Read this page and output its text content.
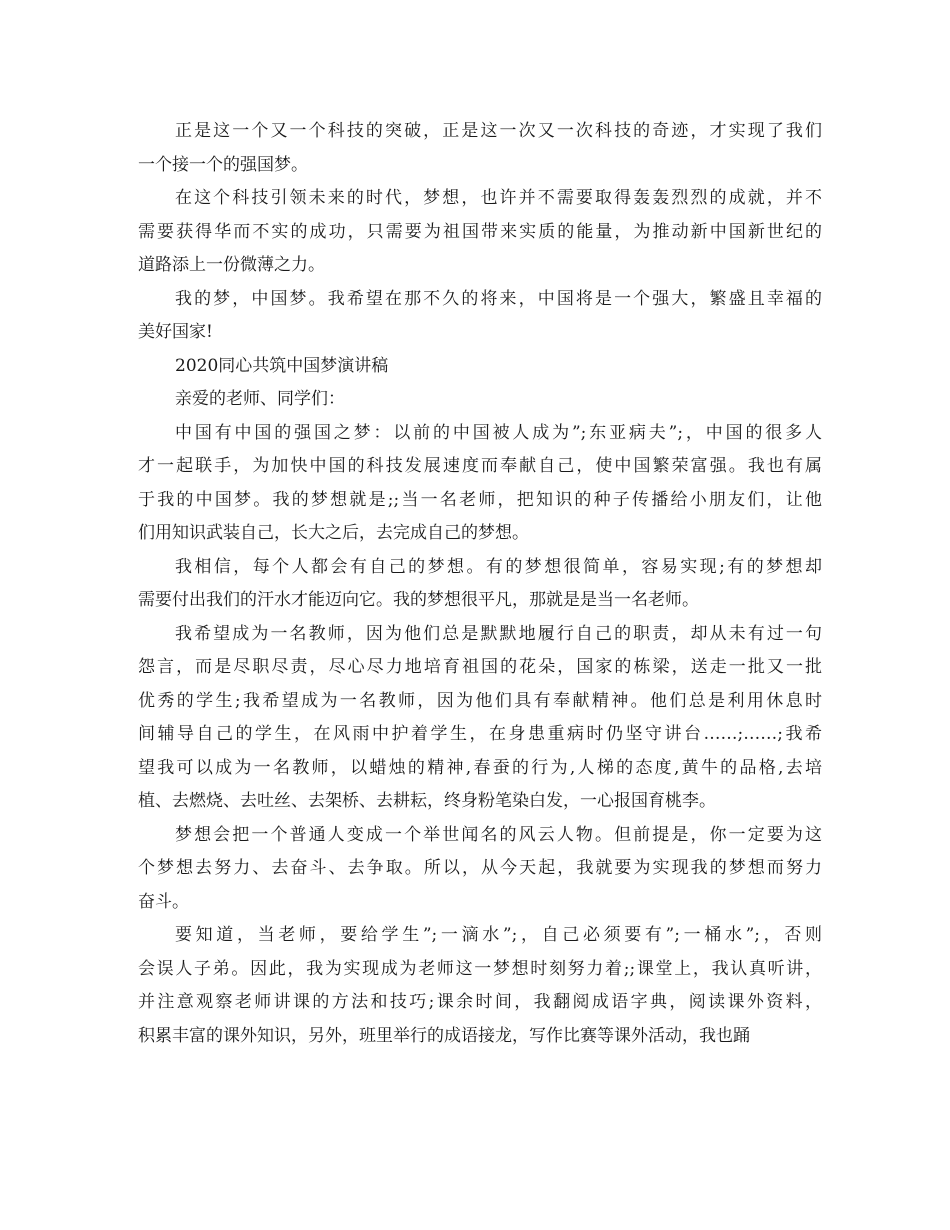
正是这一个又一个科技的突破，正是这一次又一次科技的奇迹，才实现了我们
一个接一个的强国梦。
在这个科技引领未来的时代，梦想，也许并不需要取得轰轰烈烈的成就，并不
需要获得华而不实的成功，只需要为祖国带来实质的能量，为推动新中国新世纪的
道路添上一份微薄之力。
我的梦，中国梦。我希望在那不久的将来，中国将是一个强大，繁盛且幸福的
美好国家!
2020同心共筑中国梦演讲稿
亲爱的老师、同学们：
中国有中国的强国之梦：以前的中国被人成为”;东亚病夫”;，中国的很多人
才一起联手，为加快中国的科技发展速度而奉献自己，使中国繁荣富强。我也有属
于我的中国梦。我的梦想就是;;当一名老师，把知识的种子传播给小朋友们，让他
们用知识武装自己，长大之后，去完成自己的梦想。
我相信，每个人都会有自己的梦想。有的梦想很简单，容易实现;有的梦想却
需要付出我们的汗水才能迈向它。我的梦想很平凡，那就是是当一名老师。
我希望成为一名教师，因为他们总是默默地履行自己的职责，却从未有过一句
怨言，而是尽职尽责，尽心尽力地培育祖国的花朵，国家的栋梁，送走一批又一批
优秀的学生;我希望成为一名教师，因为他们具有奉献精神。他们总是利用休息时
间辅导自己的学生，在风雨中护着学生，在身患重病时仍坚守讲台……;……;我希
望我可以成为一名教师，以蜡烛的精神,春蚕的行为,人梯的态度,黄牛的品格,去培
植、去燃烧、去吐丝、去架桥、去耕耘，终身粉笔染白发，一心报国育桃李。
梦想会把一个普通人变成一个举世闻名的风云人物。但前提是，你一定要为这
个梦想去努力、去奋斗、去争取。所以，从今天起，我就要为实现我的梦想而努力
奋斗。
要知道，当老师，要给学生”;一滴水”;，自己必须要有”;一桶水”;，否则
会误人子弟。因此，我为实现成为老师这一梦想时刻努力着;;课堂上，我认真听讲，
并注意观察老师讲课的方法和技巧;课余时间，我翻阅成语字典，阅读课外资料，
积累丰富的课外知识，另外，班里举行的成语接龙，写作比赛等课外活动，我也踊
